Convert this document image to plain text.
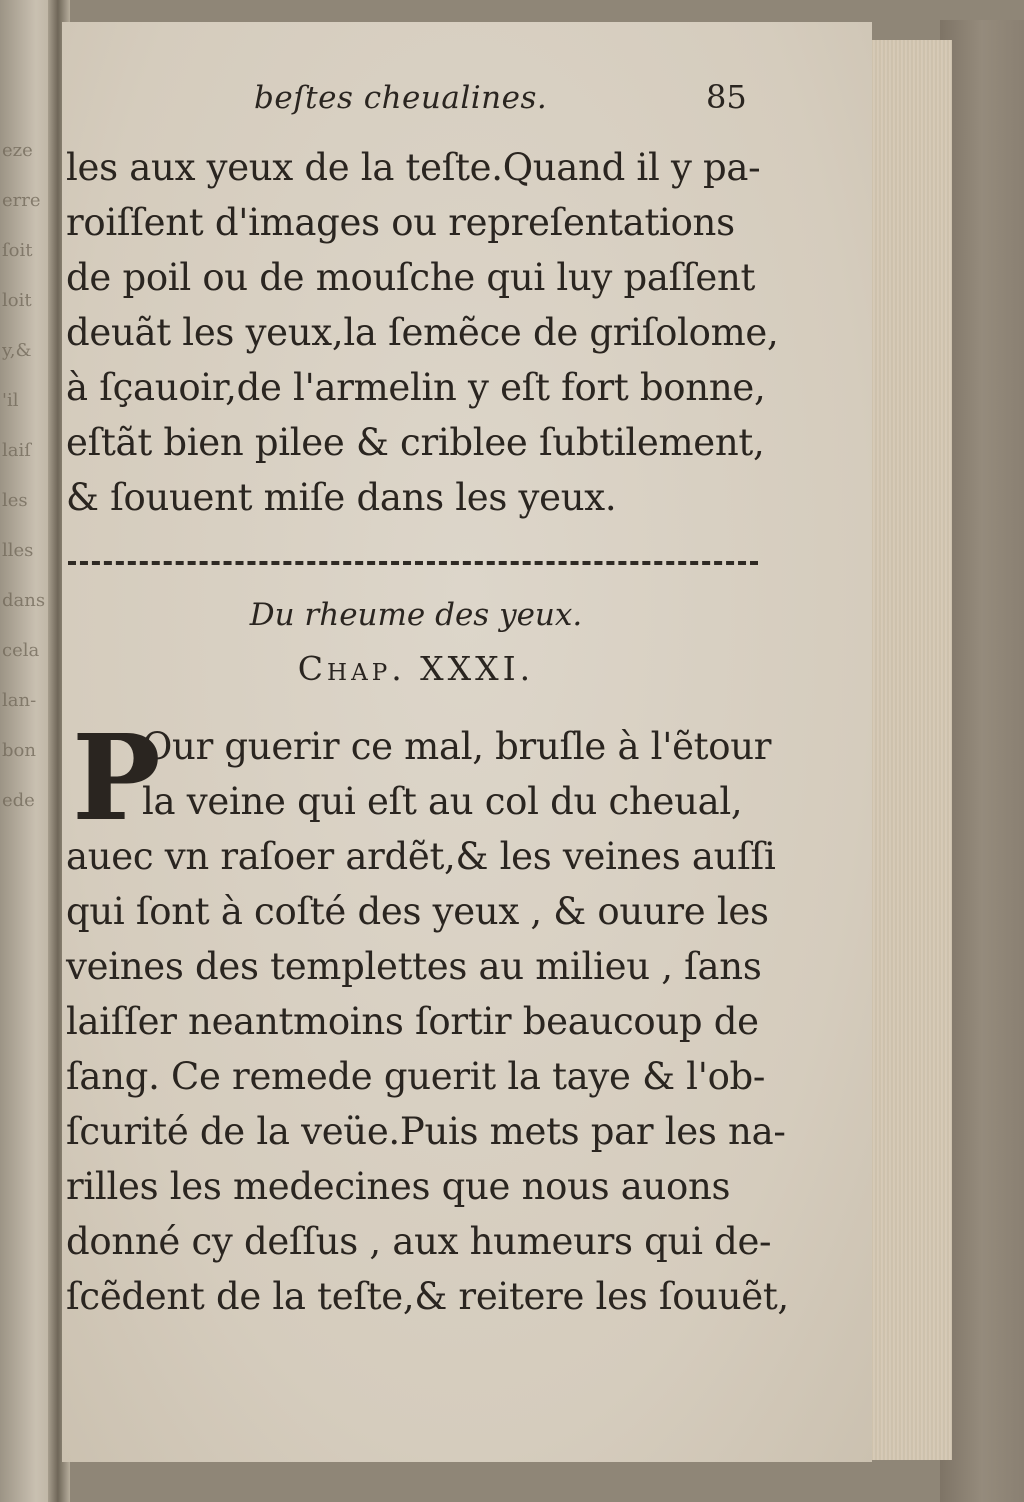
eze
erre
ſoit
loit
y,&
'il
laiſ
les
lles
dans
cela
lan-
bon
ede
beſtes cheualines.	85
les aux yeux de la teſte.Quand il y pa-
roiſſent d'images ou repreſentations
de poil ou de mouſche qui luy paſſent
deuãt les yeux,la ſemẽce de griſolome,
à ſçauoir,de l'armelin y eſt fort bonne,
eſtãt bien pilee & criblee ſubtilement,
& ſouuent miſe dans les yeux.
Du rheume des yeux.
Chap. XXXI.
P
Our guerir ce mal, bruſle à l'ẽtour
la veine qui eſt au col du cheual,
auec vn raſoer ardẽt,& les veines auſſi
qui ſont à coſté des yeux , & ouure les
veines des templettes au milieu , ſans
laiſſer neantmoins ſortir beaucoup de
ſang. Ce remede guerit la taye & l'ob-
ſcurité de la veüe.Puis mets par les na-
rilles les medecines que nous auons
donné cy deſſus , aux humeurs qui de-
ſcẽdent de la teſte,& reitere les ſouuẽt,
